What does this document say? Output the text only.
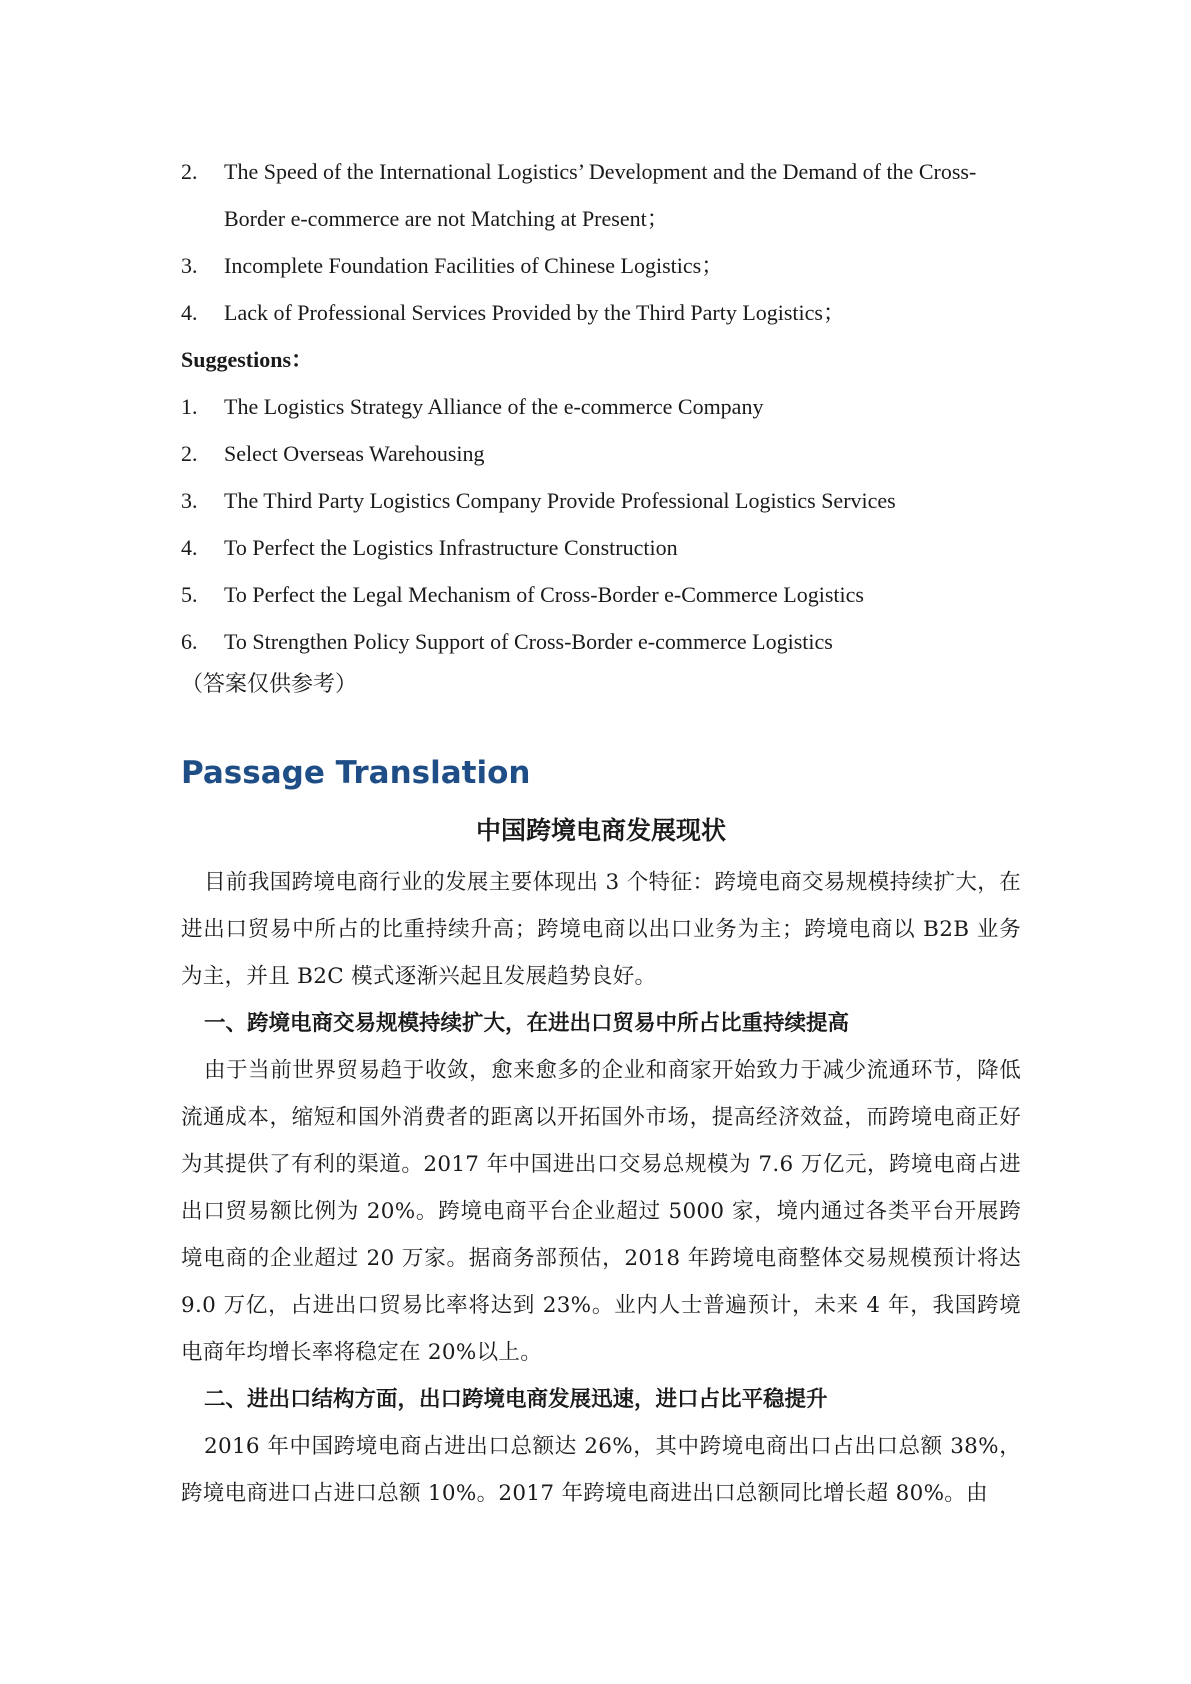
2.	The Speed of the International Logistics’ Development and the Demand of the Cross-Border e-commerce are not Matching at Present；
3.	Incomplete Foundation Facilities of Chinese Logistics；
4.	Lack of Professional Services Provided by the Third Party Logistics；
Suggestions：
1.	The Logistics Strategy Alliance of the e-commerce Company
2.	Select Overseas Warehousing
3.	The Third Party Logistics Company Provide Professional Logistics Services
4.	To Perfect the Logistics Infrastructure Construction
5.	To Perfect the Legal Mechanism of Cross-Border e-Commerce Logistics
6.	To Strengthen Policy Support of Cross-Border e-commerce Logistics
（答案仅供参考）
Passage Translation
中国跨境电商发展现状
目前我国跨境电商行业的发展主要体现出 3 个特征：跨境电商交易规模持续扩大，在进出口贸易中所占的比重持续升高；跨境电商以出口业务为主；跨境电商以 B2B 业务为主，并且 B2C 模式逐渐兴起且发展趋势良好。
一、跨境电商交易规模持续扩大，在进出口贸易中所占比重持续提高
由于当前世界贸易趋于收敛，愈来愈多的企业和商家开始致力于减少流通环节，降低流通成本，缩短和国外消费者的距离以开拓国外市场，提高经济效益，而跨境电商正好为其提供了有利的渠道。2017 年中国进出口交易总规模为 7.6 万亿元，跨境电商占进出口贸易额比例为 20%。跨境电商平台企业超过 5000 家，境内通过各类平台开展跨境电商的企业超过 20 万家。据商务部预估，2018 年跨境电商整体交易规模预计将达 9.0 万亿，占进出口贸易比率将达到 23%。业内人士普遍预计，未来 4 年，我国跨境电商年均增长率将稳定在 20%以上。
二、进出口结构方面，出口跨境电商发展迅速，进口占比平稳提升
2016 年中国跨境电商占进出口总额达 26%，其中跨境电商出口占出口总额 38%，跨境电商进口占进口总额 10%。2017 年跨境电商进出口总额同比增长超 80%。由
